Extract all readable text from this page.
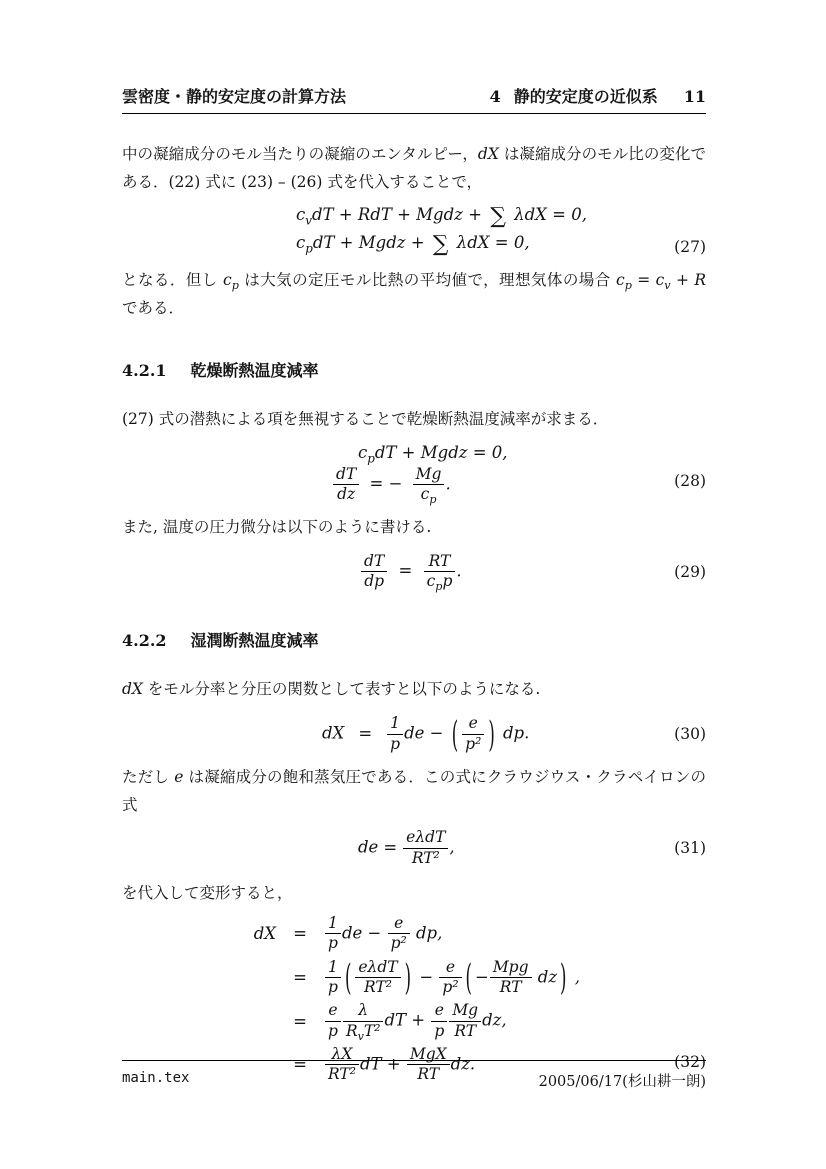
雲密度・静的安定度の計算方法	4 静的安定度の近似系 11
中の凝縮成分のモル当たりの凝縮のエンタルピー，dX は凝縮成分のモル比の変化である．(22) 式に (23) – (26) 式を代入することで，
$c_vdT$ + RdT + Mgdz + ∑ λdX = 0,
$c_pdT$ + Mgdz + ∑ λdX = 0,	(27)
となる．但し $c_p$ は大気の定圧モル比熱の平均値で，理想気体の場合 $c_p = c_v + R$ である．
4.2.1 乾燥断熱温度減率
(27) 式の潜熱による項を無視することで乾燥断熱温度減率が求まる．
$c_pdT$ + Mgdz = 0,
$\frac{dT}{dz}$ = − $\frac{Mg}{c_p}$ .	(28)
また, 温度の圧力微分は以下のように書ける.
$\frac{dT}{dp} = \frac{RT}{c_pp}$ .	(29)
4.2.2 湿潤断熱温度減率
dX をモル分率と分圧の関数として表すと以下のようになる.
dX = $\frac{1}{p}$ de − ( $\frac{e}{\text{p²}}$ ) dp.	(30)
ただし e は凝縮成分の飽和蒸気圧である．この式にクラウジウス・クラペイロンの式
de = $\frac{\text{eλdT}}{\text{RT²}}$ ,	(31)
を代入して変形すると，
dX	=	$\frac{1}{p}$ de − $\frac{e}{\text{p²}}$ dp,
=	$\frac{1}{p}$ ( $\frac{\text{eλdT}}{\text{RT²}}$ ) − $\frac{e}{\text{p²}}$ ( − $\frac{\text{Mpg}}{RT}$ dz ) ,
=	$\frac{e}{p} \frac{\lambda}{R_vT^2}$ dT + $\frac{e}{p} \frac{Mg}{RT}$ dz,
=	$\frac{\lambda X}{\text{RT²}}$ dT + $\frac{\text{MgX}}{RT}$ dz.	(32)
main.tex	2005/06/17(杉山耕一朗)
